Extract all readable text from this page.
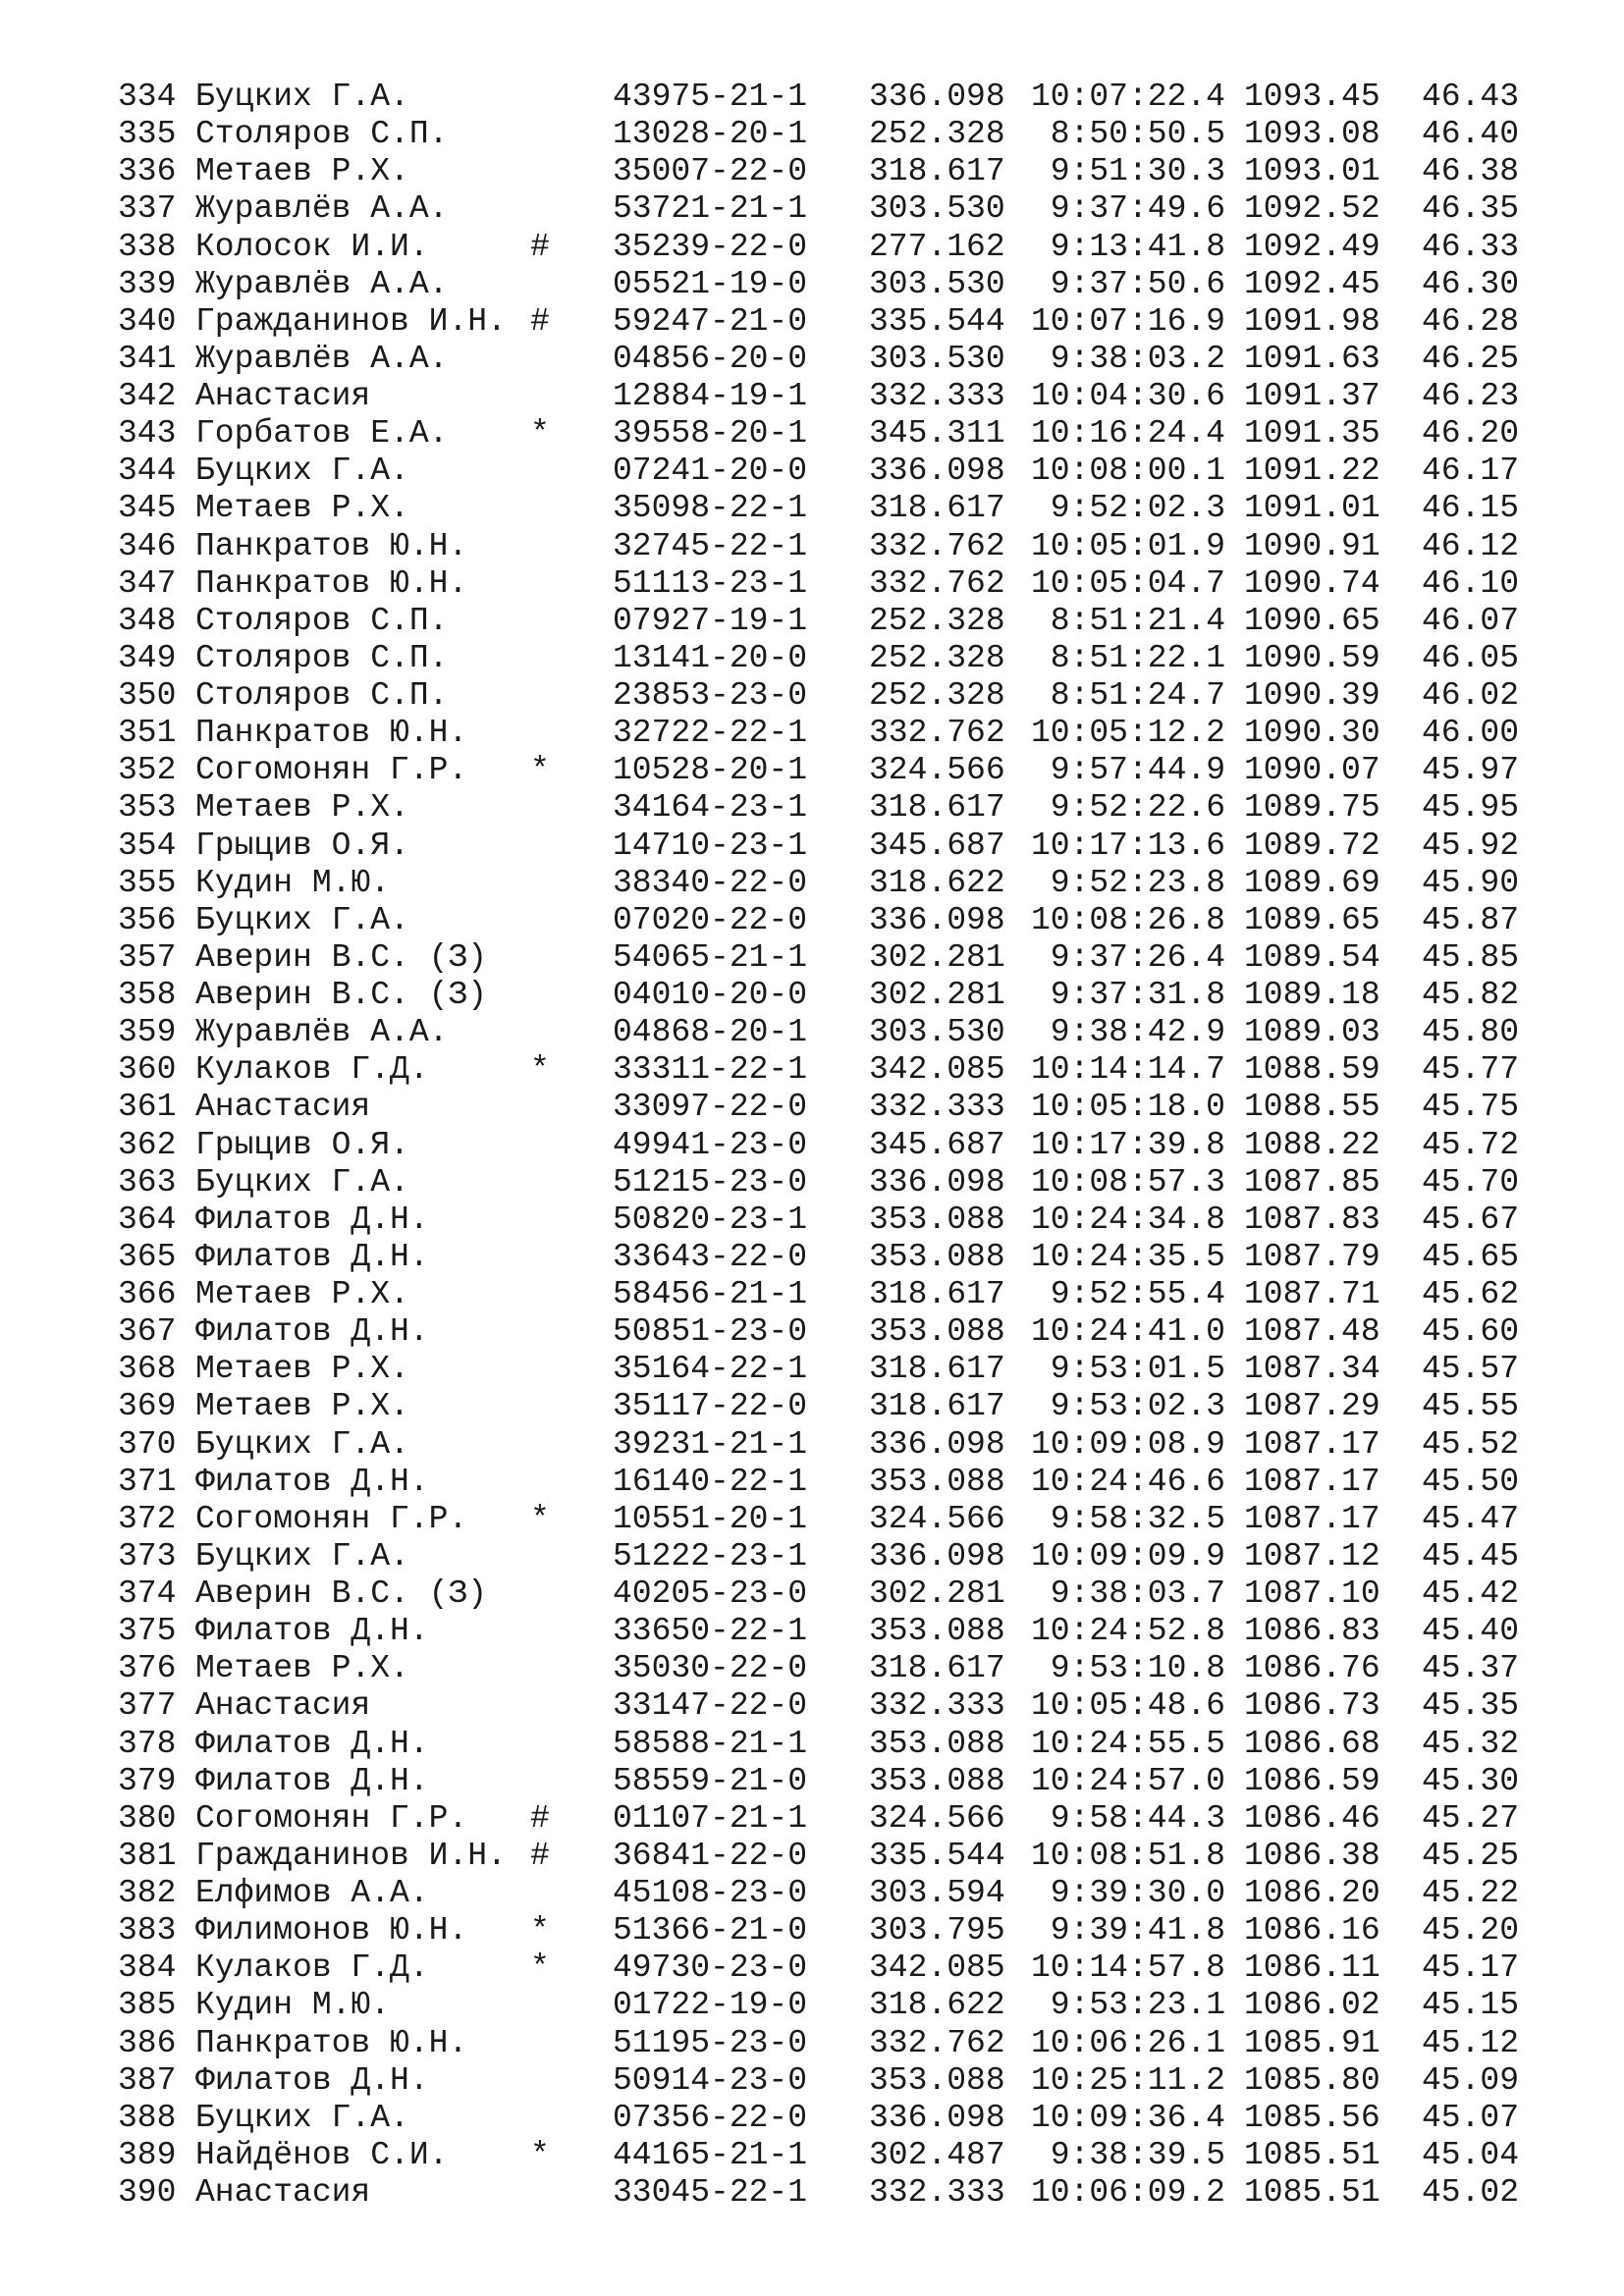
334 Буцких Г.А.	43975-21-1 336.098 10:07:22.4 1093.45 46.43
335 Столяров С.П.	13028-20-1 252.328	8:50:50.5 1093.08 46.40
336 Метаев Р.Х.	35007-22-0 318.617	9:51:30.3 1093.01 46.38
337 Журавлёв А.А.	53721-21-1 303.530	9:37:49.6 1092.52 46.35
338 Колосок И.И.	# 35239-22-0 277.162	9:13:41.8 1092.49 46.33
339 Журавлёв А.А.	05521-19-0 303.530	9:37:50.6 1092.45 46.30
340 Гражданинов И.Н. # 59247-21-0 335.544 10:07:16.9 1091.98 46.28
341 Журавлёв А.А.	04856-20-0 303.530	9:38:03.2 1091.63 46.25
342 Анастасия	12884-19-1 332.333 10:04:30.6 1091.37 46.23
343 Горбатов Е.А.	* 39558-20-1 345.311 10:16:24.4 1091.35 46.20
344 Буцких Г.А.	07241-20-0 336.098 10:08:00.1 1091.22 46.17
345 Метаев Р.Х.	35098-22-1 318.617	9:52:02.3 1091.01 46.15
346 Панкратов Ю.Н.	32745-22-1 332.762 10:05:01.9 1090.91 46.12
347 Панкратов Ю.Н.	51113-23-1 332.762 10:05:04.7 1090.74 46.10
348 Столяров С.П.	07927-19-1 252.328	8:51:21.4 1090.65 46.07
349 Столяров С.П.	13141-20-0 252.328	8:51:22.1 1090.59 46.05
350 Столяров С.П.	23853-23-0 252.328	8:51:24.7 1090.39 46.02
351 Панкратов Ю.Н.	32722-22-1 332.762 10:05:12.2 1090.30 46.00
352 Согомонян Г.Р. * 10528-20-1 324.566	9:57:44.9 1090.07 45.97
353 Метаев Р.Х.	34164-23-1 318.617	9:52:22.6 1089.75 45.95
354 Грыцив О.Я.	14710-23-1 345.687 10:17:13.6 1089.72 45.92
355 Кудин М.Ю.	38340-22-0 318.622	9:52:23.8 1089.69 45.90
356 Буцких Г.А.	07020-22-0 336.098 10:08:26.8 1089.65 45.87
357 Аверин В.С. (З)	54065-21-1 302.281	9:37:26.4 1089.54 45.85
358 Аверин В.С. (З)	04010-20-0 302.281	9:37:31.8 1089.18 45.82
359 Журавлёв А.А.	04868-20-1 303.530	9:38:42.9 1089.03 45.80
360 Кулаков Г.Д.	* 33311-22-1 342.085 10:14:14.7 1088.59 45.77
361 Анастасия	33097-22-0 332.333 10:05:18.0 1088.55 45.75
362 Грыцив О.Я.	49941-23-0 345.687 10:17:39.8 1088.22 45.72
363 Буцких Г.А.	51215-23-0 336.098 10:08:57.3 1087.85 45.70
364 Филатов Д.Н.	50820-23-1 353.088 10:24:34.8 1087.83 45.67
365 Филатов Д.Н.	33643-22-0 353.088 10:24:35.5 1087.79 45.65
366 Метаев Р.Х.	58456-21-1 318.617	9:52:55.4 1087.71 45.62
367 Филатов Д.Н.	50851-23-0 353.088 10:24:41.0 1087.48 45.60
368 Метаев Р.Х.	35164-22-1 318.617	9:53:01.5 1087.34 45.57
369 Метаев Р.Х.	35117-22-0 318.617	9:53:02.3 1087.29 45.55
370 Буцких Г.А.	39231-21-1 336.098 10:09:08.9 1087.17 45.52
371 Филатов Д.Н.	16140-22-1 353.088 10:24:46.6 1087.17 45.50
372 Согомонян Г.Р. * 10551-20-1 324.566	9:58:32.5 1087.17 45.47
373 Буцких Г.А.	51222-23-1 336.098 10:09:09.9 1087.12 45.45
374 Аверин В.С. (З)	40205-23-0 302.281	9:38:03.7 1087.10 45.42
375 Филатов Д.Н.	33650-22-1 353.088 10:24:52.8 1086.83 45.40
376 Метаев Р.Х.	35030-22-0 318.617	9:53:10.8 1086.76 45.37
377 Анастасия	33147-22-0 332.333 10:05:48.6 1086.73 45.35
378 Филатов Д.Н.	58588-21-1 353.088 10:24:55.5 1086.68 45.32
379 Филатов Д.Н.	58559-21-0 353.088 10:24:57.0 1086.59 45.30
380 Согомонян Г.Р. # 01107-21-1 324.566	9:58:44.3 1086.46 45.27
381 Гражданинов И.Н. # 36841-22-0 335.544 10:08:51.8 1086.38 45.25
382 Елфимов А.А.	45108-23-0 303.594	9:39:30.0 1086.20 45.22
383 Филимонов Ю.Н. * 51366-21-0 303.795	9:39:41.8 1086.16 45.20
384 Кулаков Г.Д.	* 49730-23-0 342.085 10:14:57.8 1086.11 45.17
385 Кудин М.Ю.	01722-19-0 318.622	9:53:23.1 1086.02 45.15
386 Панкратов Ю.Н.	51195-23-0 332.762 10:06:26.1 1085.91 45.12
387 Филатов Д.Н.	50914-23-0 353.088 10:25:11.2 1085.80 45.09
388 Буцких Г.А.	07356-22-0 336.098 10:09:36.4 1085.56 45.07
389 Найдёнов С.И.	* 44165-21-1 302.487	9:38:39.5 1085.51 45.04
390 Анастасия	33045-22-1 332.333 10:06:09.2 1085.51 45.02
